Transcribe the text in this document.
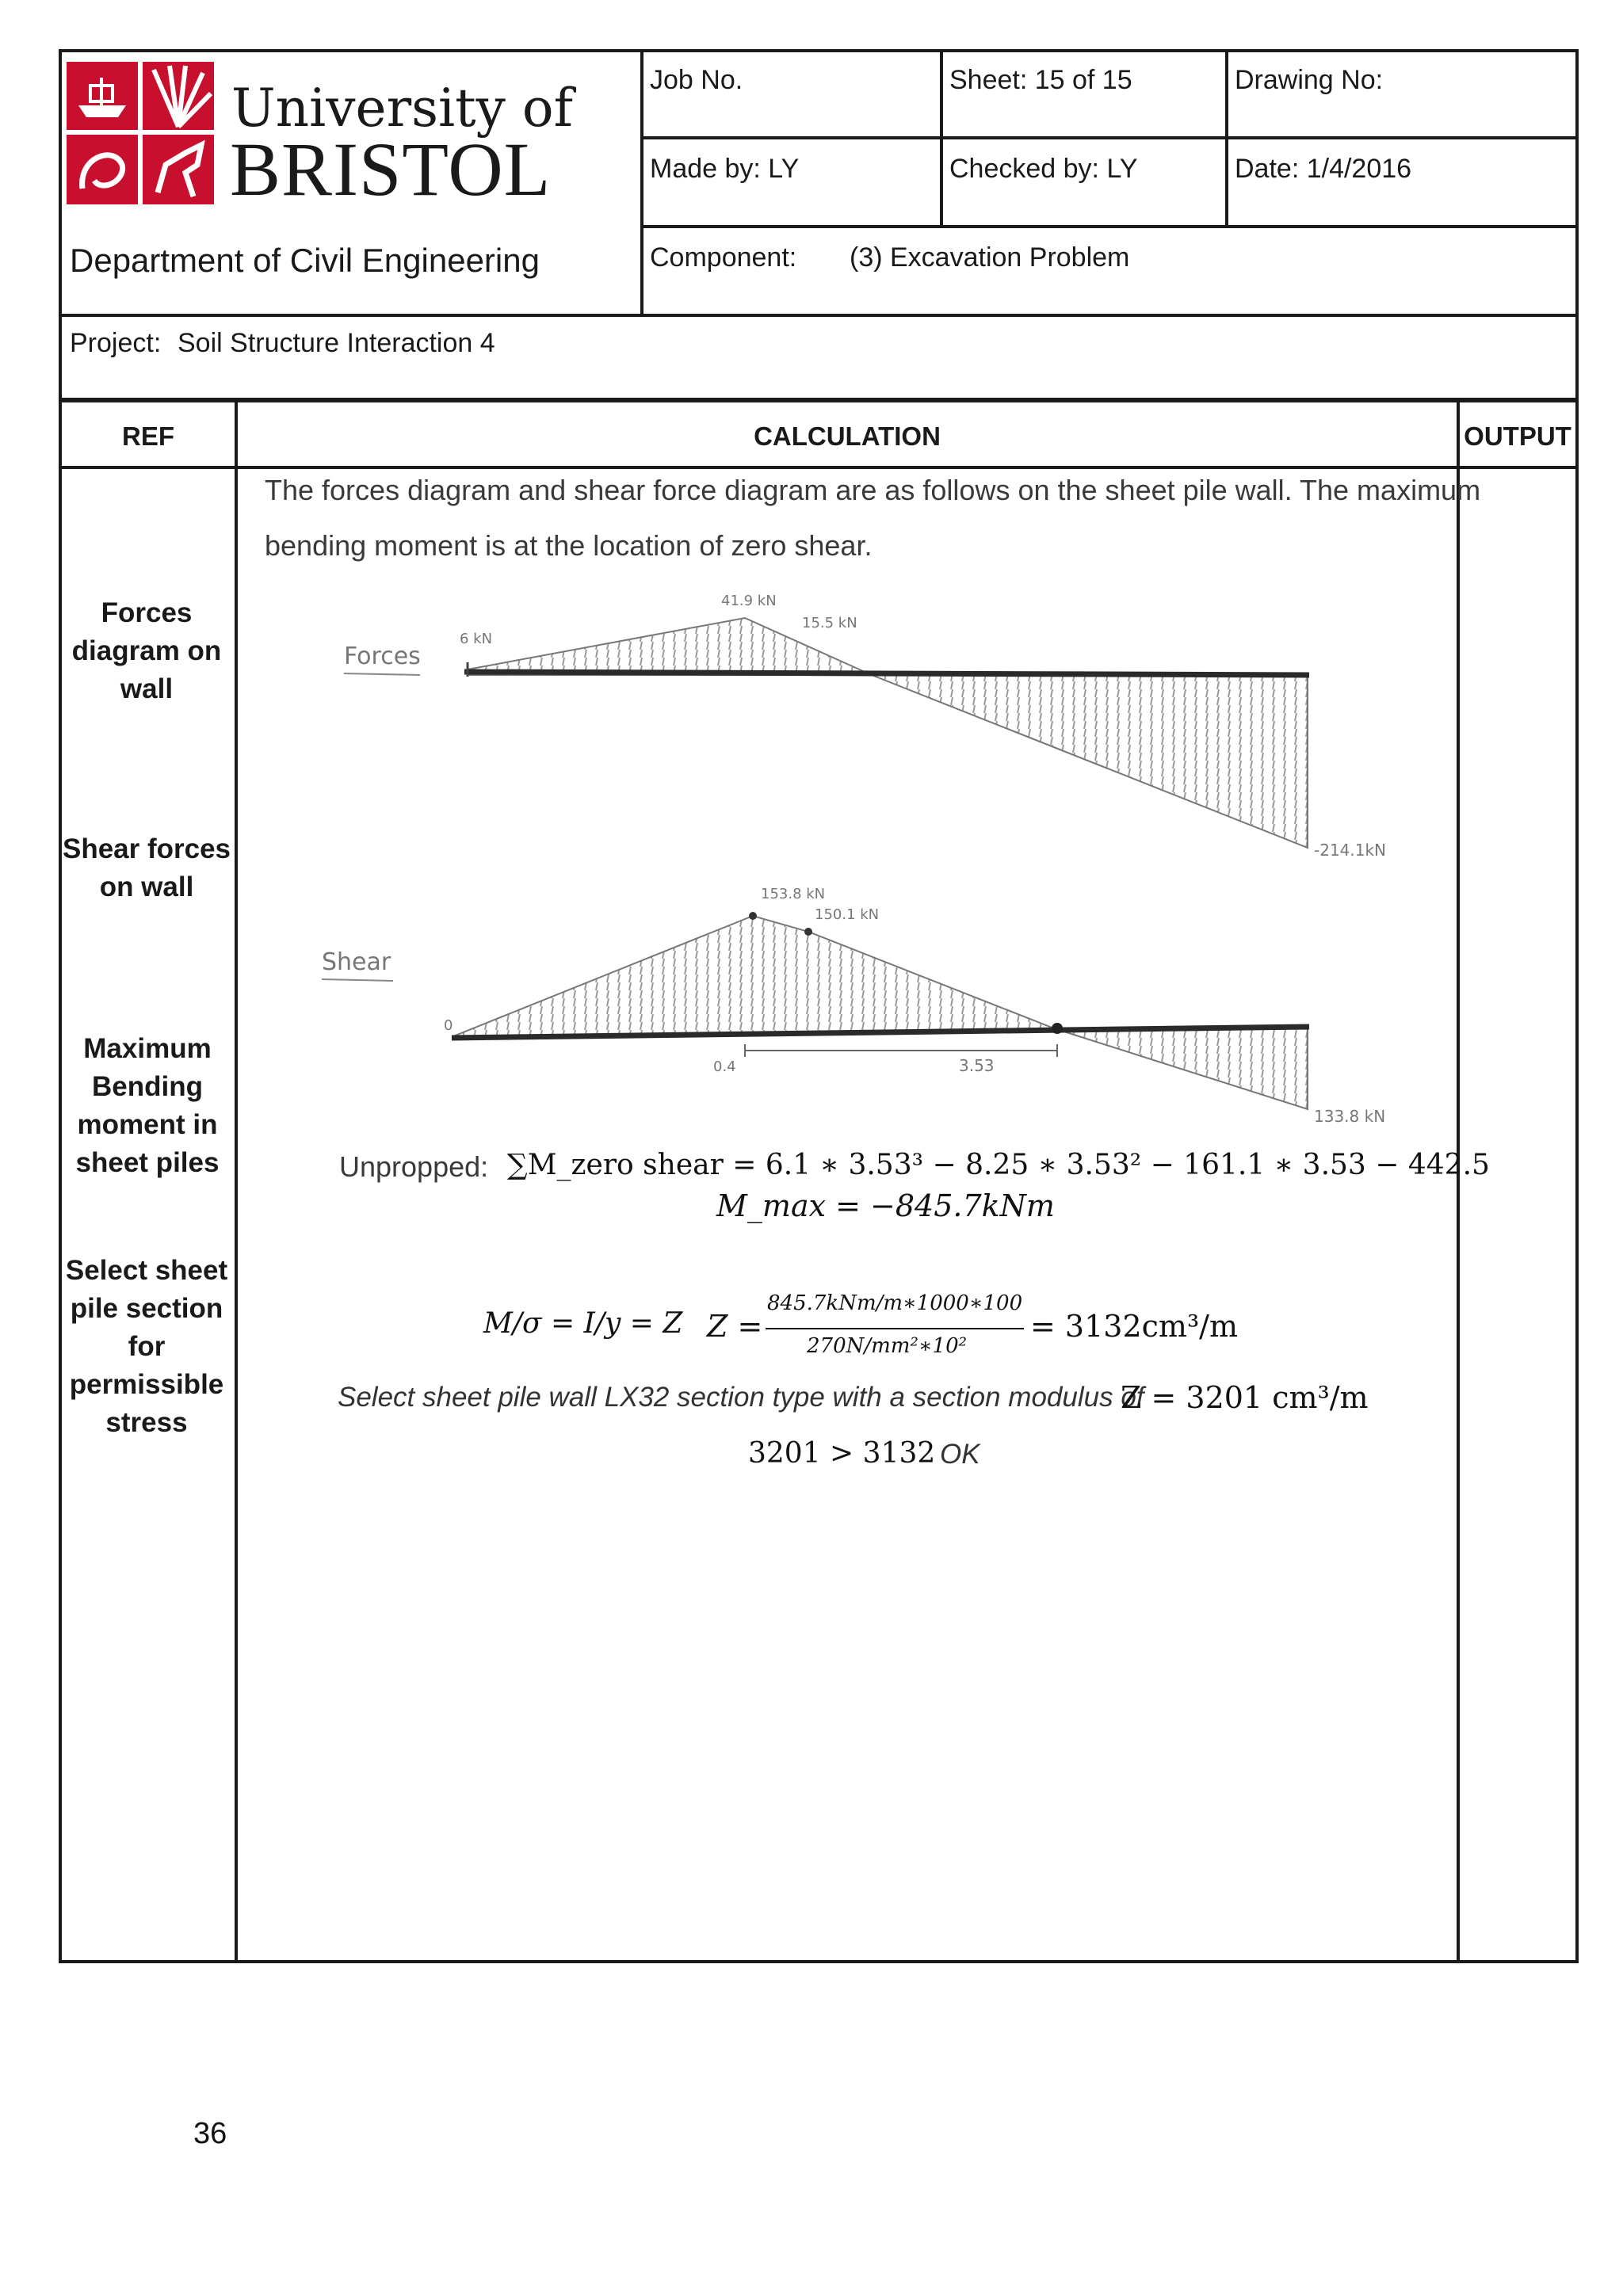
University of
BRISTOL
Department of Civil Engineering
Job No.	Sheet: 15 of 15	Drawing No:
Made by: LY	Checked by: LY	Date: 1/4/2016
Component: (3) Excavation Problem
Project: Soil Structure Interaction 4
REF	CALCULATION	OUTPUT
Forces diagram on wall
Shear forces on wall
Maximum Bending moment in sheet piles
Select sheet pile section for permissible stress
The forces diagram and shear force diagram are as follows on the sheet pile wall. The maximum
bending moment is at the location of zero shear.
Forces
6 kN
41.9 kN
15.5 kN
-214.1kN
Shear
0
153.8 kN
150.1 kN
0.4	3.53
133.8 kN
Unpropped: ∑M_zero shear = 6.1 ∗ 3.53³ − 8.25 ∗ 3.53² − 161.1 ∗ 3.53 − 442.5
M_max = −845.7kNm
M/σ = I/y = Z Z =
845.7kNm/m∗1000∗100
270N/mm²∗10²
= 3132cm³/m
Select sheet pile wall LX32 section type with a section modulus of
Z = 3201 cm³/m
3201 > 3132 OK
36
